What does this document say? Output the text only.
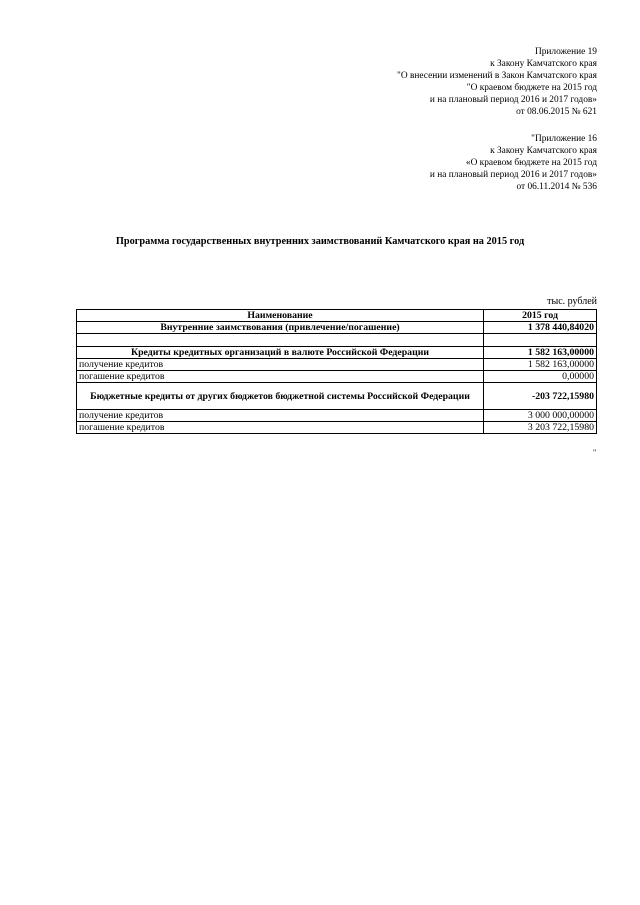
Приложение 19
к Закону Камчатского края
"О внесении изменений в Закон Камчатского края
"О краевом бюджете на 2015 год
и на плановый период 2016 и 2017 годов»
от 08.06.2015 № 621
"Приложение 16
к Закону Камчатского края
«О краевом бюджете на 2015 год
и на плановый период 2016 и 2017 годов»
от 06.11.2014 № 536
Программа государственных внутренних заимствований Камчатского края на 2015 год
тыс. рублей
Наименование	2015 год
Внутренние заимствования (привлечение/погашение)	1 378 440,84020

Кредиты кредитных организаций в валюте Российской Федерации	1 582 163,00000
получение кредитов	1 582 163,00000
погашение кредитов	0,00000
Бюджетные кредиты от других бюджетов бюджетной системы Российской Федерации	-203 722,15980
получение кредитов	3 000 000,00000
погашение кредитов	3 203 722,15980
"
